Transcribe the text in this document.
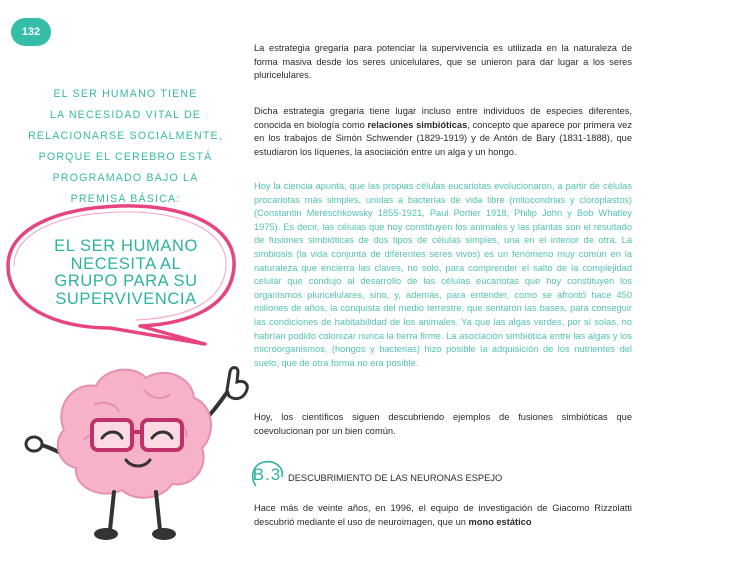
132
EL SER HUMANO TIENE
LA NECESIDAD VITAL DE
RELACIONARSE SOCIALMENTE,
PORQUE EL CEREBRO ESTÁ
PROGRAMADO BAJO LA
PREMISA BÁSICA:
EL SER HUMANO
NECESITA AL
GRUPO PARA SU
SUPERVIVENCIA

La estrategia gregaria para potenciar la supervivencia es utilizada en la naturaleza de forma masiva desde los seres unicelulares, que se unieron para dar lugar a los seres pluricelulares.

Dicha estrategia gregaria tiene lugar incluso entre individuos de especies diferentes, conocida en biología como relaciones simbióticas, concepto que aparece por primera vez en los trabajos de Simón Schwender (1829-1919) y de Antón de Bary (1831-1888), que estudiaron los líquenes, la asociación entre un alga y un hongo.

Hoy la ciencia apunta, que las propias células eucariotas evolucionaron, a partir de células procariotas más simples, unidas a bacterias de vida libre (mitocondrias y cloroplastos) (Constantin Mereschkowsky 1855-1921, Paul Portier 1918, Philip John y Bob Whatley 1975). Es decir, las células que hoy constituyen los animales y las plantas son el resultado de fusiones simbióticas de dos tipos de células simples, una en el interior de otra. La simbiosis (la vida conjunta de diferentes seres vivos) es un fenómeno muy común en la naturaleza que encierra las claves, no solo, para comprender el salto de la complejidad celular que condujo al desarrollo de las células eucariotas que hoy constituyen los organismos pluricelulares, sino, y, además, para entender, como se afrontó hace 450 millones de años, la conquista del medio terrestre, que sentaron las bases, para conseguir las condiciones de habitabilidad de los animales. Ya que las algas verdes, por sí solas, no habrían podido colonizar nunca la tierra firme. La asociación simbiótica entre las algas y los microorganismos, (hongos y bacterias) hizo posible la adquisición de los nutrientes del suelo, que de otra forma no era posible.

Hoy, los científicos siguen descubriendo ejemplos de fusiones simbióticas que coevolucionan por un bien común.

B.3 DESCUBRIMIENTO DE LAS NEURONAS ESPEJO

Hace más de veinte años, en 1996, el equipo de investigación de Giacomo Rizzolatti descubrió mediante el uso de neuroimagen, que un mono estático
